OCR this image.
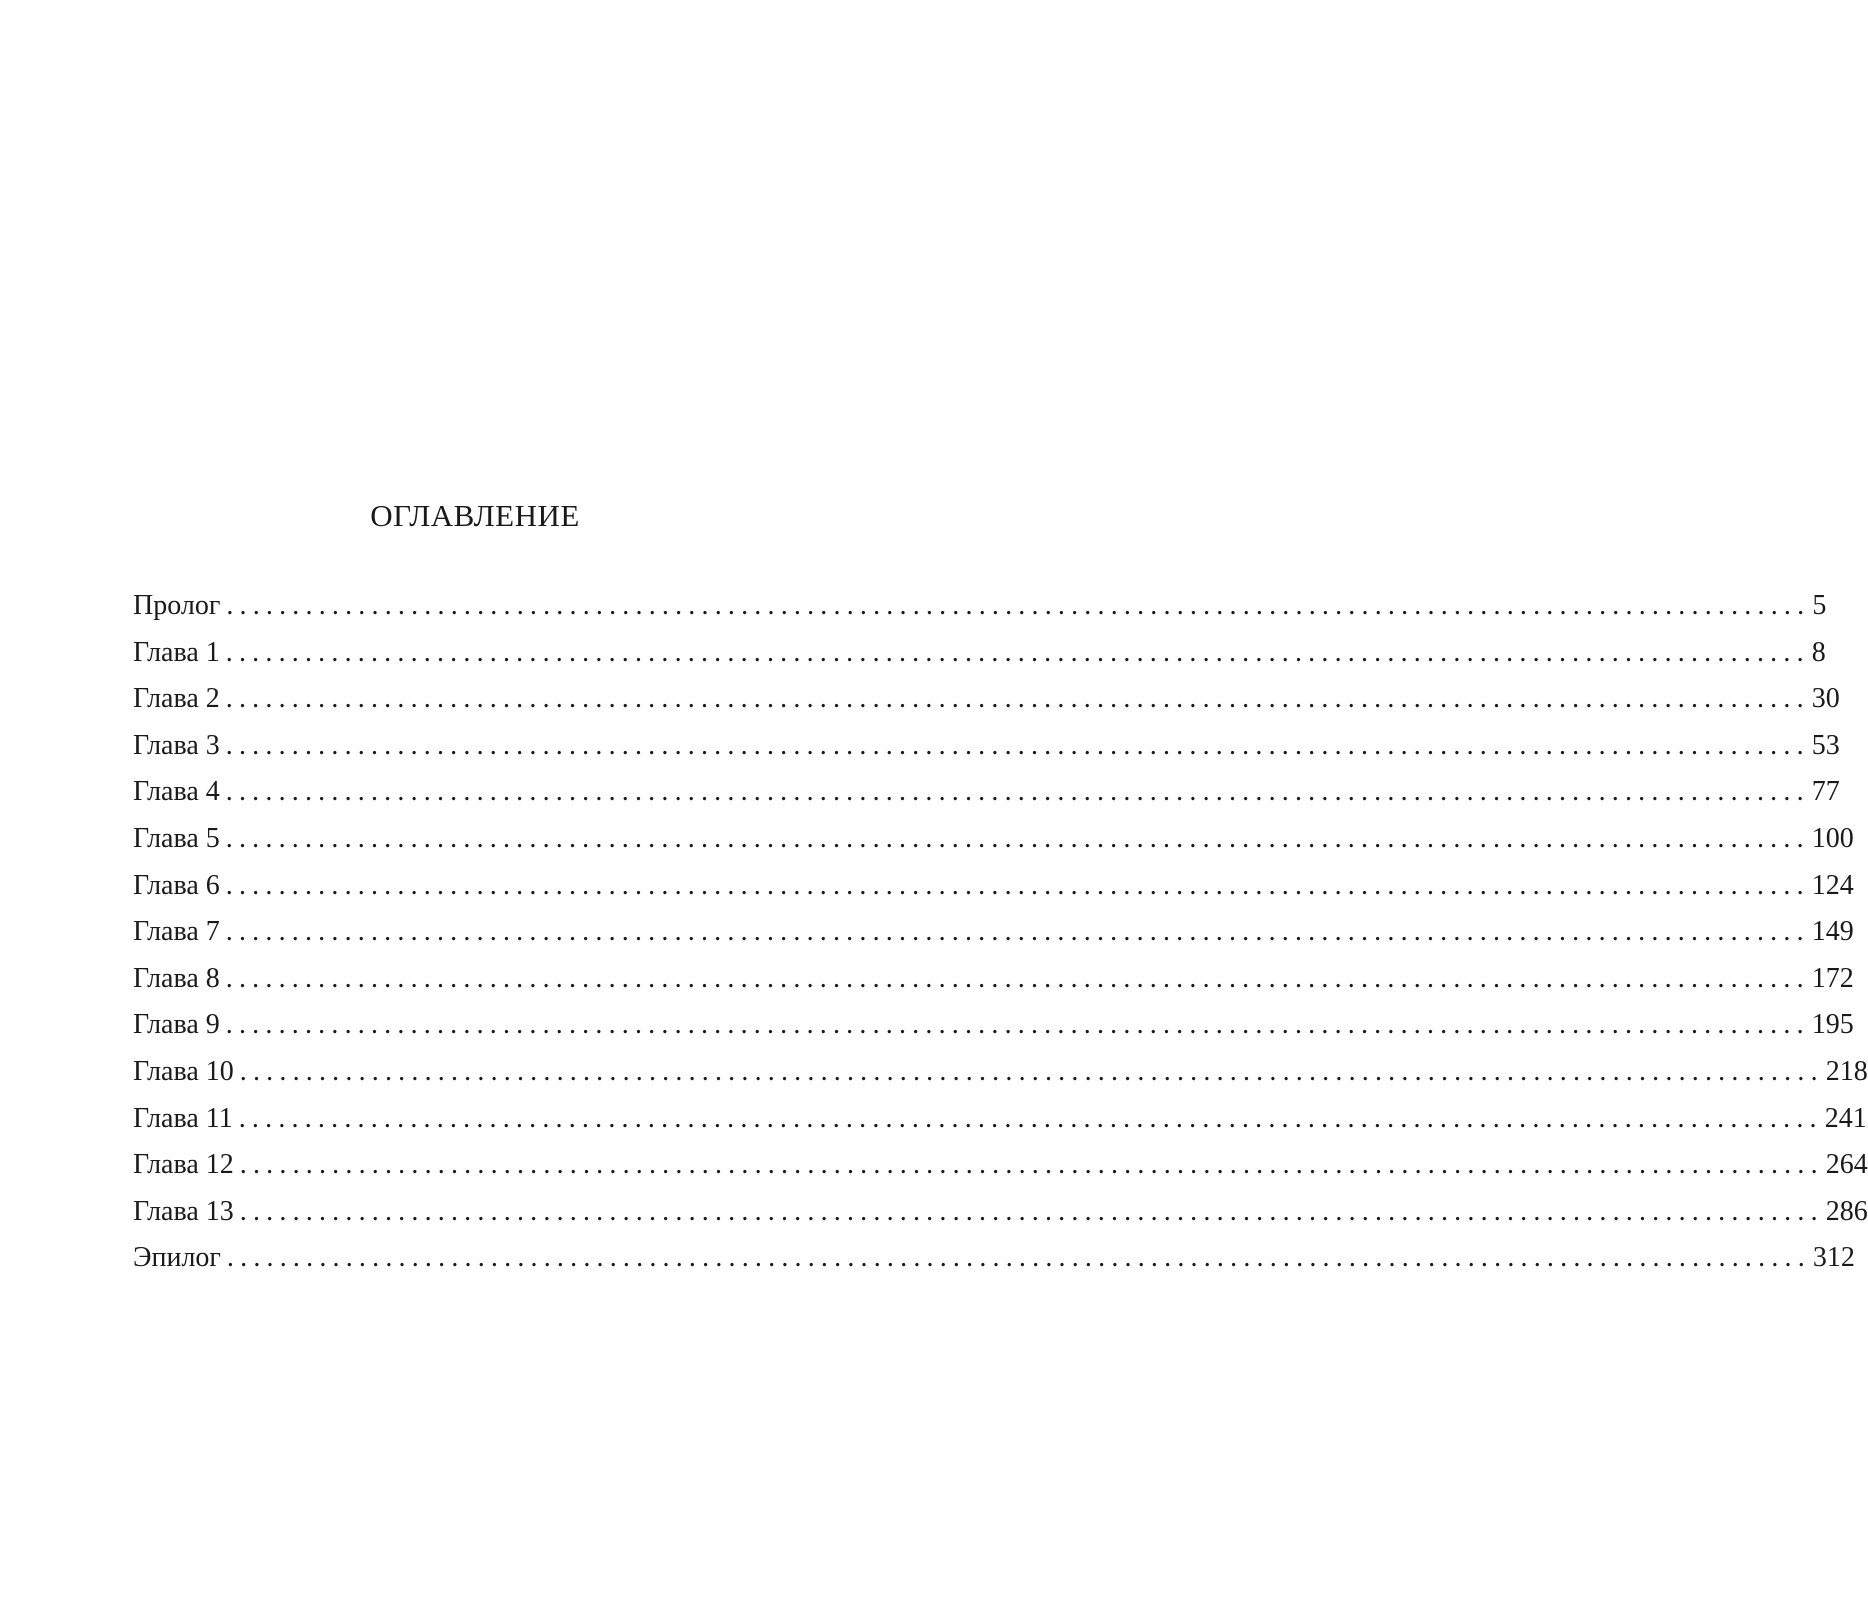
ОГЛАВЛЕНИЕ
Пролог ........................................................................................................................ 5
Глава 1 ........................................................................................................................ 8
Глава 2 ........................................................................................................................ 30
Глава 3 ........................................................................................................................ 53
Глава 4 ........................................................................................................................ 77
Глава 5 ........................................................................................................................ 100
Глава 6 ........................................................................................................................ 124
Глава 7 ........................................................................................................................ 149
Глава 8 ........................................................................................................................ 172
Глава 9 ........................................................................................................................ 195
Глава 10 ........................................................................................................................ 218
Глава 11 ........................................................................................................................ 241
Глава 12 ........................................................................................................................ 264
Глава 13 ........................................................................................................................ 286
Эпилог ........................................................................................................................ 312
